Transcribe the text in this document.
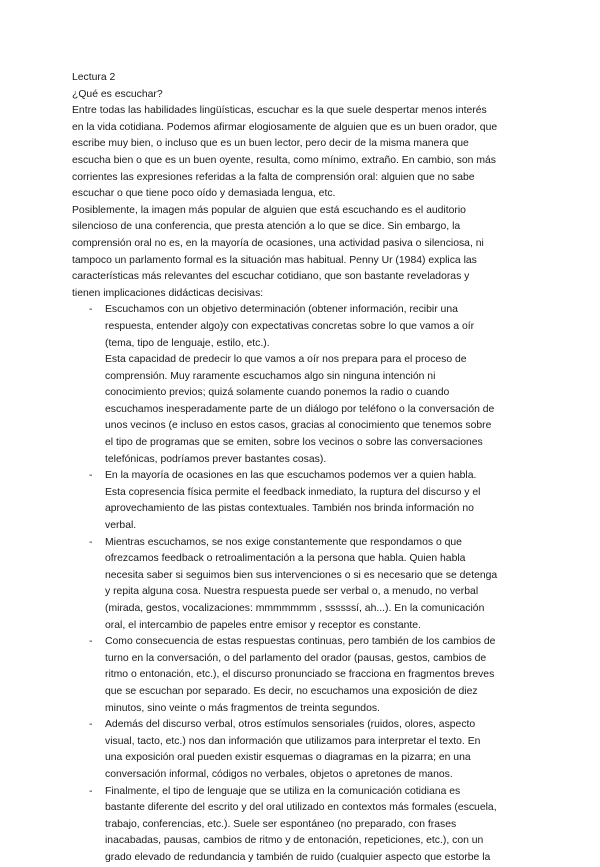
Lectura 2
¿Qué es escuchar?
Entre todas las habilidades lingüísticas, escuchar es la que suele despertar menos interés
en la vida cotidiana. Podemos afirmar elogiosamente de alguien que es un buen orador, que
escribe muy bien, o incluso que es un buen lector, pero decir de la misma manera que
escucha bien o que es un buen oyente, resulta, como mínimo, extraño. En cambio, son más
corrientes las expresiones referidas a la falta de comprensión oral: alguien que no sabe
escuchar o que tiene poco oído y demasiada lengua, etc.
Posiblemente, la imagen más popular de alguien que está escuchando es el auditorio
silencioso de una conferencia, que presta atención a lo que se dice. Sin embargo, la
comprensión oral no es, en la mayoría de ocasiones, una actividad pasiva o silenciosa, ni
tampoco un parlamento formal es la situación mas habitual. Penny Ur (1984) explica las
características más relevantes del escuchar cotidiano, que son bastante reveladoras y
tienen implicaciones didácticas decisivas:
- Escuchamos con un objetivo determinación (obtener información, recibir una
respuesta, entender algo)y con expectativas concretas sobre lo que vamos a oír
(tema, tipo de lenguaje, estilo, etc.).
Esta capacidad de predecir lo que vamos a oír nos prepara para el proceso de
comprensión. Muy raramente escuchamos algo sin ninguna intención ni
conocimiento previos; quizá solamente cuando ponemos la radio o cuando
escuchamos inesperadamente parte de un diálogo por teléfono o la conversación de
unos vecinos (e incluso en estos casos, gracias al conocimiento que tenemos sobre
el tipo de programas que se emiten, sobre los vecinos o sobre las conversaciones
telefónicas, podríamos prever bastantes cosas).
- En la mayoría de ocasiones en las que escuchamos podemos ver a quien habla.
Esta copresencia física permite el feedback inmediato, la ruptura del discurso y el
aprovechamiento de las pistas contextuales. También nos brinda información no
verbal.
- Mientras escuchamos, se nos exige constantemente que respondamos o que
ofrezcamos feedback o retroalimentación a la persona que habla. Quien habla
necesita saber si seguimos bien sus intervenciones o si es necesario que se detenga
y repita alguna cosa. Nuestra respuesta puede ser verbal o, a menudo, no verbal
(mirada, gestos, vocalizaciones: mmmmmmm , ssssssí, ah...). En la comunicación
oral, el intercambio de papeles entre emisor y receptor es constante.
- Como consecuencia de estas respuestas continuas, pero también de los cambios de
turno en la conversación, o del parlamento del orador (pausas, gestos, cambios de
ritmo o entonación, etc.), el discurso pronunciado se fracciona en fragmentos breves
que se escuchan por separado. Es decir, no escuchamos una exposición de diez
minutos, sino veinte o más fragmentos de treinta segundos.
- Además del discurso verbal, otros estímulos sensoriales (ruidos, olores, aspecto
visual, tacto, etc.) nos dan información que utilizamos para interpretar el texto. En
una exposición oral pueden existir esquemas o diagramas en la pizarra; en una
conversación informal, códigos no verbales, objetos o apretones de manos.
- Finalmente, el tipo de lenguaje que se utiliza en la comunicación cotidiana es
bastante diferente del escrito y del oral utilizado en contextos más formales (escuela,
trabajo, conferencias, etc.). Suele ser espontáneo (no preparado, con frases
inacabadas, pausas, cambios de ritmo y de entonación, repeticiones, etc.), con un
grado elevado de redundancia y también de ruido (cualquier aspecto que estorbe la
